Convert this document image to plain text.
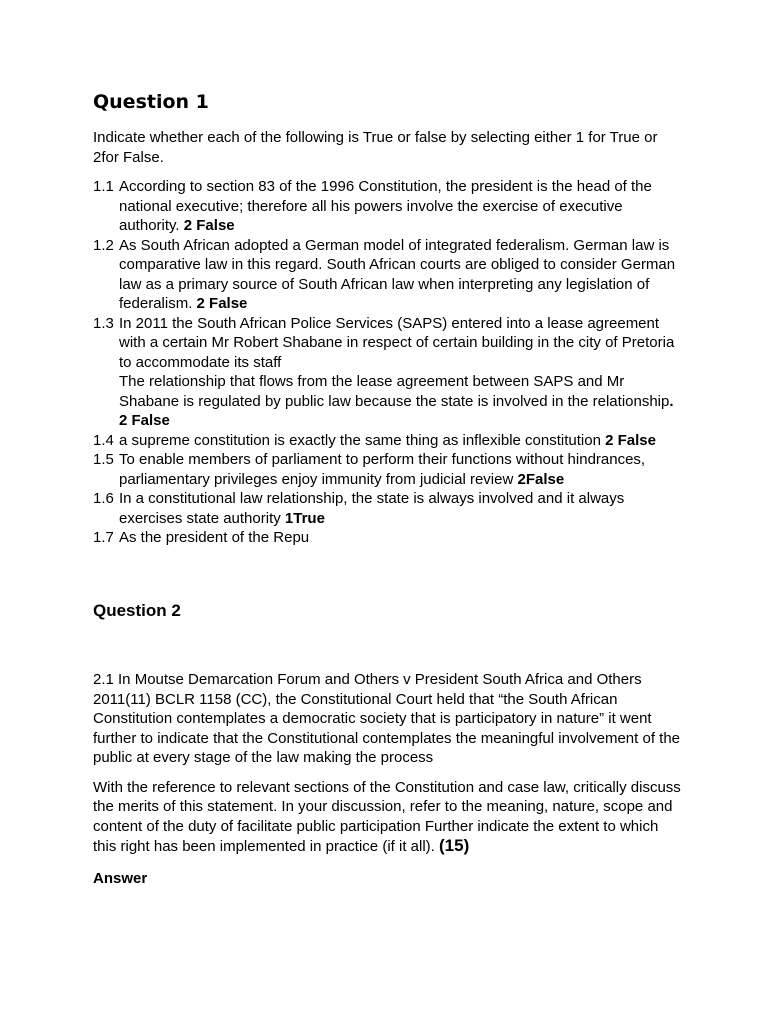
Question 1

Indicate whether each of the following is True or false by selecting either 1 for True or 2for False.

1.1 According to section 83 of the 1996 Constitution, the president is the head of the national executive; therefore all his powers involve the exercise of executive authority. 2 False
1.2 As South African adopted a German model of integrated federalism. German law is comparative law in this regard. South African courts are obliged to consider German law as a primary source of South African law when interpreting any legislation of federalism. 2 False
1.3 In 2011 the South African Police Services (SAPS) entered into a lease agreement with a certain Mr Robert Shabane in respect of certain building in the city of Pretoria to accommodate its staff
The relationship that flows from the lease agreement between SAPS and Mr Shabane is regulated by public law because the state is involved in the relationship. 2 False
1.4 a supreme constitution is exactly the same thing as inflexible constitution 2 False
1.5 To enable members of parliament to perform their functions without hindrances, parliamentary privileges enjoy immunity from judicial review 2False
1.6 In a constitutional law relationship, the state is always involved and it always exercises state authority 1True
1.7 As the president of the Repu
Question 2

2.1 In Moutse Demarcation Forum and Others v President South Africa and Others 2011(11) BCLR 1158 (CC), the Constitutional Court held that “the South African Constitution contemplates a democratic society that is participatory in nature” it went further to indicate that the Constitutional contemplates the meaningful involvement of the public at every stage of the law making the process

With the reference to relevant sections of the Constitution and case law, critically discuss the merits of this statement. In your discussion, refer to the meaning, nature, scope and content of the duty of facilitate public participation Further indicate the extent to which this right has been implemented in practice (if it all). (15)

Answer
